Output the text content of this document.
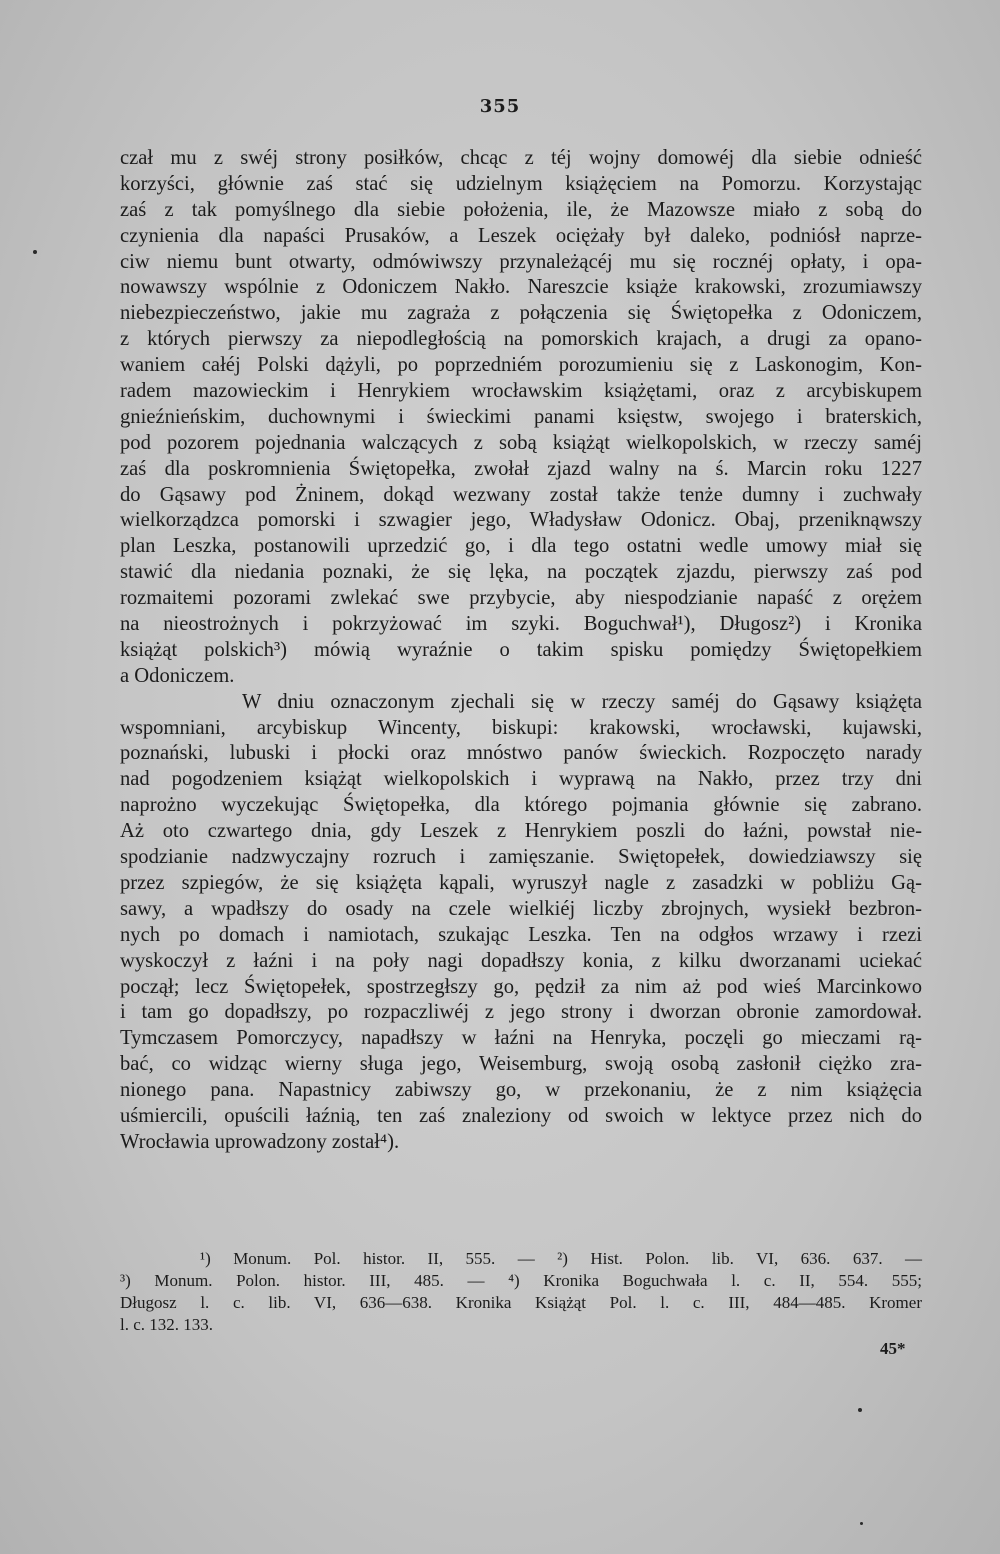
355
czał mu z swéj strony posiłków, chcąc z téj wojny domowéj dla siebie odnieść
korzyści, głównie zaś stać się udzielnym książęciem na Pomorzu. Korzystając
zaś z tak pomyślnego dla siebie położenia, ile, że Mazowsze miało z sobą do
czynienia dla napaści Prusaków, a Leszek ociężały był daleko, podniósł naprze-
ciw niemu bunt otwarty, odmówiwszy przynależącéj mu się rocznéj opłaty, i opa-
nowawszy wspólnie z Odoniczem Nakło. Nareszcie książe krakowski, zrozumiawszy
niebezpieczeństwo, jakie mu zagraża z połączenia się Świętopełka z Odoniczem,
z których pierwszy za niepodległością na pomorskich krajach, a drugi za opano-
waniem całéj Polski dążyli, po poprzedniém porozumieniu się z Laskonogim, Kon-
radem mazowieckim i Henrykiem wrocławskim książętami, oraz z arcybiskupem
gnieźnieńskim, duchownymi i świeckimi panami księstw, swojego i braterskich,
pod pozorem pojednania walczących z sobą książąt wielkopolskich, w rzeczy saméj
zaś dla poskromnienia Świętopełka, zwołał zjazd walny na ś. Marcin roku 1227
do Gąsawy pod Żninem, dokąd wezwany został także tenże dumny i zuchwały
wielkorządzca pomorski i szwagier jego, Władysław Odonicz. Obaj, przeniknąwszy
plan Leszka, postanowili uprzedzić go, i dla tego ostatni wedle umowy miał się
stawić dla niedania poznaki, że się lęka, na początek zjazdu, pierwszy zaś pod
rozmaitemi pozorami zwlekać swe przybycie, aby niespodzianie napaść z orężem
na nieostrożnych i pokrzyżować im szyki. Boguchwał¹), Długosz²) i Kronika
książąt polskich³) mówią wyraźnie o takim spisku pomiędzy Świętopełkiem
a Odoniczem.
W dniu oznaczonym zjechali się w rzeczy saméj do Gąsawy książęta
wspomniani, arcybiskup Wincenty, biskupi: krakowski, wrocławski, kujawski,
poznański, lubuski i płocki oraz mnóstwo panów świeckich. Rozpoczęto narady
nad pogodzeniem książąt wielkopolskich i wyprawą na Nakło, przez trzy dni
naprożno wyczekując Świętopełka, dla którego pojmania głównie się zabrano.
Aż oto czwartego dnia, gdy Leszek z Henrykiem poszli do łaźni, powstał nie-
spodzianie nadzwyczajny rozruch i zamięszanie. Swiętopełek, dowiedziawszy się
przez szpiegów, że się książęta kąpali, wyruszył nagle z zasadzki w pobliżu Gą-
sawy, a wpadłszy do osady na czele wielkiéj liczby zbrojnych, wysiekł bezbron-
nych po domach i namiotach, szukając Leszka. Ten na odgłos wrzawy i rzezi
wyskoczył z łaźni i na poły nagi dopadłszy konia, z kilku dworzanami uciekać
począł; lecz Świętopełek, spostrzegłszy go, pędził za nim aż pod wieś Marcinkowo
i tam go dopadłszy, po rozpaczliwéj z jego strony i dworzan obronie zamordował.
Tymczasem Pomorczycy, napadłszy w łaźni na Henryka, poczęli go mieczami rą-
bać, co widząc wierny sługa jego, Weisemburg, swoją osobą zasłonił ciężko zra-
nionego pana. Napastnicy zabiwszy go, w przekonaniu, że z nim książęcia
uśmiercili, opuścili łaźnią, ten zaś znaleziony od swoich w lektyce przez nich do
Wrocławia uprowadzony został⁴).
¹) Monum. Pol. histor. II, 555. — ²) Hist. Polon. lib. VI, 636. 637. —
³) Monum. Polon. histor. III, 485. — ⁴) Kronika Boguchwała l. c. II, 554. 555;
Długosz l. c. lib. VI, 636—638. Kronika Książąt Pol. l. c. III, 484—485. Kromer
l. c. 132. 133.
45*
